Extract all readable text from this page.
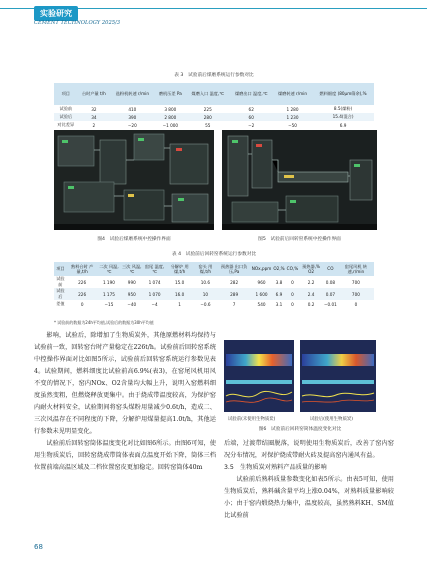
实验研究
CEMENT TECHNOLOGY 2025/3
表 3　试验前后煤磨系统运行参数对比
项目	台时产量 t/h	选粉机转速 r/min	磨机压差 Pa	煤磨入口 温度,℃	煤磨出口 温度,℃	煤磨转速 r/min	燃料细度 (80μm筛余),%
试验前	32	410	3 800	225	62	1 280	8.5(煤粉)
试验后	34	390	2 800	280	60	1 230	15.4(混合)
对比差异	2	−20	−1 000	55	−2	−50	6.9
图4　试验后煤磨系统中控操作界面	图5　试验前后回转窑系统中控操作界面
表 4　试验前后回转窑系统运行参数对比
项目	熟料台时 产量,t/h	二次 风温,℃	三次 风温,℃	窑尾 温度,℃	分解炉 用煤,t/h	窑头 用煤,t/h	预热器 出口负压,Pa	NOx,ppm	O2,%	CO,%	预热器,% O2	CO	窑尾风机 转速,r/min
试验前	226	1 190	990	1 074	15.0	10.6	282	960	3.8	0	2.2	0.08	700
试验后	226	1 175	950	1 070	16.0	10	289	1 600	6.9	0	2.4	0.07	700
差值	0	−15	−40	−4	1	−0.6	7	540	3.1	0	0.2	−0.01	0
* 试验前的数据为24h平均值,试验后的数据为30h平均值

影响，试验后，除增加了生物质炭外，其他原燃材料均保持与试验前一致，回转窑台时产量稳定在226t/h。试验前后回转窑系统中控操作界面对比如图5所示，试验前后回转窑系统运行参数见表4。试验期间，燃料细度比试验前高6.9%(表3)，在窑尾风机用风不变的情况下，窑内NOx、O2含量均大幅上升，说明入窑燃料细度虽然变粗，但燃烧释放更集中。由于烧成带温度较高，为保护窑内耐火材料安全，试验期间将窑头煤粉用量减少0.6t/h，造成二、三次风温存在不同程度的下降，分解炉用煤量提高1.0t/h，其他运行参数未见明显变化。

试验前后回转窑筒体温度变化对比如图6所示。由图6可知，使用生物质炭后，回转窑烧成带筒体表面点温度开始下降，筒体三档位置前端高温区域及二档位置窑皮更加稳定。回转窑筒体40m

试验前(未使用生物质炭)	试验后(使用生物质炭)
图6　试验前后回转窑简体温度变化对比

后端，过渡带结圈脱落，说明使用生物质炭后，改善了窑内窑况分布情况，对保护烧成带耐火砖及提高窑内通风有益。

3.5　生物质炭对熟料产品质量的影响

试验前后熟料质量参数变化如表5所示。由表5可知，使用生物质炭后，熟料碱含量平均上涨0.04%，对熟料质量影响较小；由于窑内煅烧热力集中，温度较高，虽然熟料KH、SM值比试验前

68
